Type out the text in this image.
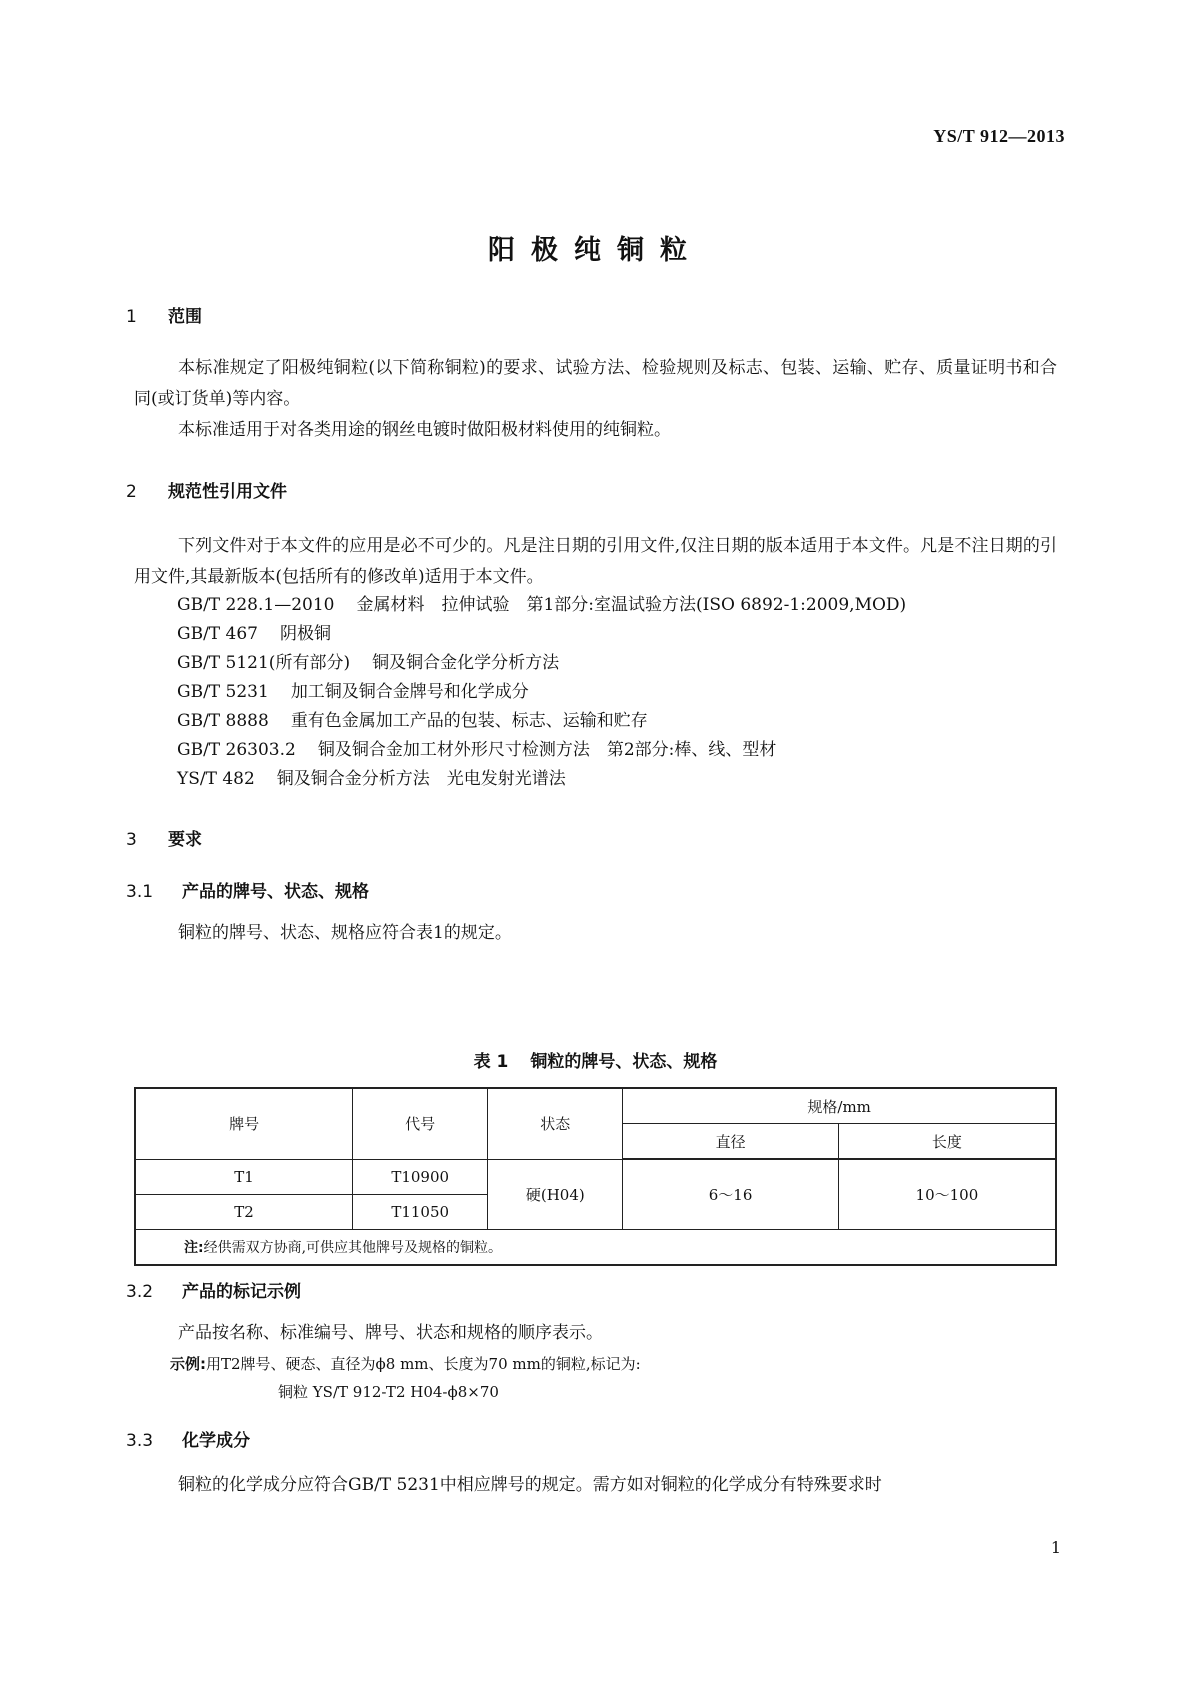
YS/T 912—2013
阳极纯铜粒
1 范围
本标准规定了阳极纯铜粒(以下简称铜粒)的要求、试验方法、检验规则及标志、包装、运输、贮存、质量证明书和合同(或订货单)等内容。
本标准适用于对各类用途的钢丝电镀时做阳极材料使用的纯铜粒。
2 规范性引用文件
下列文件对于本文件的应用是必不可少的。凡是注日期的引用文件,仅注日期的版本适用于本文件。凡是不注日期的引用文件,其最新版本(包括所有的修改单)适用于本文件。
GB/T 228.1—2010 金属材料　拉伸试验　第1部分:室温试验方法(ISO 6892-1:2009,MOD)
GB/T 467 阴极铜
GB/T 5121(所有部分) 铜及铜合金化学分析方法
GB/T 5231 加工铜及铜合金牌号和化学成分
GB/T 8888 重有色金属加工产品的包装、标志、运输和贮存
GB/T 26303.2 铜及铜合金加工材外形尺寸检测方法　第2部分:棒、线、型材
YS/T 482 铜及铜合金分析方法　光电发射光谱法
3 要求
3.1 产品的牌号、状态、规格
铜粒的牌号、状态、规格应符合表1的规定。
表 1 铜粒的牌号、状态、规格
牌号	代号	状态	规格/mm	
			直径	长度
T1	T10900	硬(H04)	6～16	10～100
T2	T11050			
注:经供需双方协商,可供应其他牌号及规格的铜粒。				
3.2 产品的标记示例
产品按名称、标准编号、牌号、状态和规格的顺序表示。
示例:用T2牌号、硬态、直径为ϕ8 mm、长度为70 mm的铜粒,标记为:
铜粒 YS/T 912-T2 H04-ϕ8×70
3.3 化学成分
铜粒的化学成分应符合GB/T 5231中相应牌号的规定。需方如对铜粒的化学成分有特殊要求时
1
